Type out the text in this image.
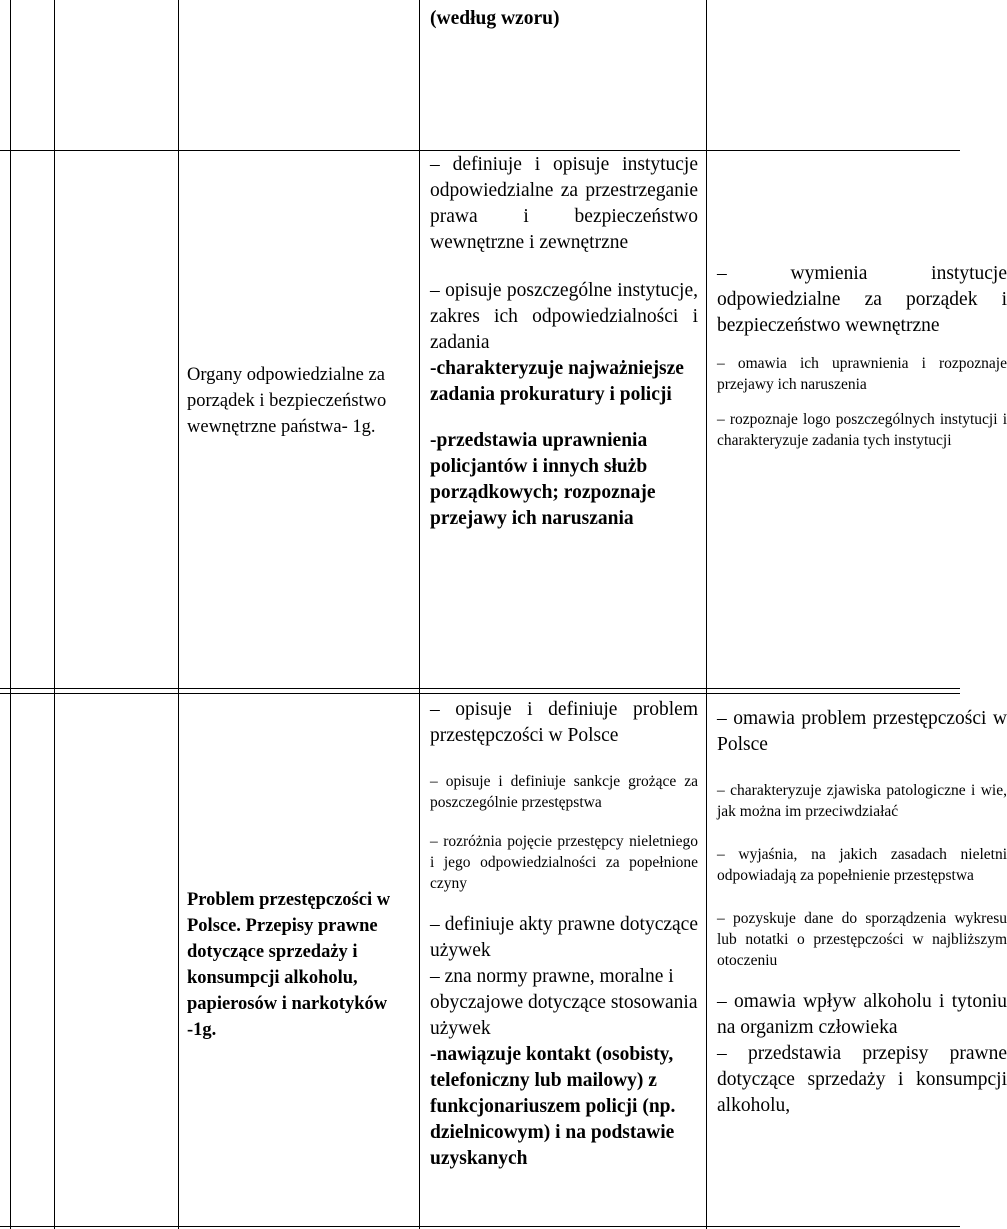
(według wzoru)

Organy odpowiedzialne za porządek i bezpieczeństwo wewnętrzne państwa- 1g.

– definiuje i opisuje instytucje odpowiedzialne za przestrzeganie prawa i bezpieczeństwo wewnętrzne i zewnętrzne

– opisuje poszczególne instytucje, zakres ich odpowiedzialności i zadania

-charakteryzuje najważniejsze zadania prokuratury i policji

-przedstawia uprawnienia policjantów i innych służb porządkowych; rozpoznaje przejawy ich naruszania

– wymienia instytucje odpowiedzialne za porządek i bezpieczeństwo wewnętrzne

– omawia ich uprawnienia i rozpoznaje przejawy ich naruszenia

– rozpoznaje logo poszczególnych instytucji i charakteryzuje zadania tych instytucji

Problem przestępczości w Polsce. Przepisy prawne dotyczące sprzedaży i konsumpcji alkoholu, papierosów i narkotyków -1g.

– opisuje i definiuje problem przestępczości w Polsce

– opisuje i definiuje sankcje grożące za poszczególnie przestępstwa

– rozróżnia pojęcie przestępcy nieletniego i jego odpowiedzialności za popełnione czyny

– definiuje akty prawne dotyczące używek

– zna normy prawne, moralne i obyczajowe dotyczące stosowania używek

-nawiązuje kontakt (osobisty, telefoniczny lub mailowy) z funkcjonariuszem policji (np. dzielnicowym) i na podstawie uzyskanych

– omawia problem przestępczości w Polsce

– charakteryzuje zjawiska patologiczne i wie, jak można im przeciwdziałać

– wyjaśnia, na jakich zasadach nieletni odpowiadają za popełnienie przestępstwa

– pozyskuje dane do sporządzenia wykresu lub notatki o przestępczości w najbliższym otoczeniu

– omawia wpływ alkoholu i tytoniu na organizm człowieka

– przedstawia przepisy prawne dotyczące sprzedaży i konsumpcji alkoholu,
